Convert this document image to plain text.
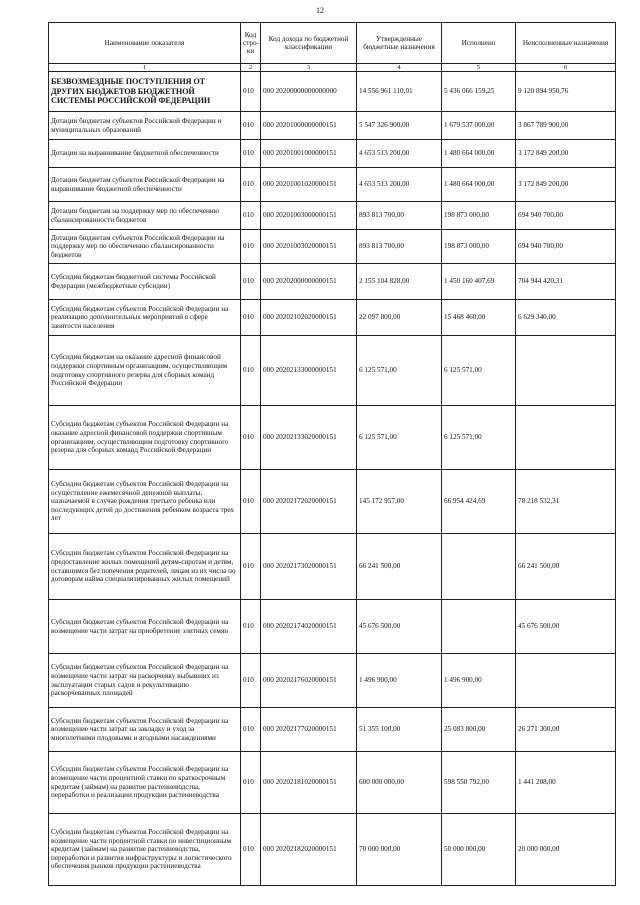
12
Наименование показателя	Код стро- ки	Код дохода по бюджетной классификации	Утвержденные бюджетные назначения	Исполнено	Неисполненные назначения
1	2	3	4	5	6
БЕЗВОЗМЕЗДНЫЕ ПОСТУПЛЕНИЯ ОТ ДРУГИХ БЮДЖЕТОВ БЮДЖЕТНОЙ СИСТЕМЫ РОССИЙСКОЙ ФЕДЕРАЦИИ	010	000 20200000000000000	14 556 961 110,01	5 436 066 159,25	9 120 894 950,76
Дотации бюджетам субъектов Российской Федерации и муниципальных образований	010	000 20201000000000151	5 547 326 900,00	1 679 537 000,00	3 867 789 900,00
Дотации на выравнивание бюджетной обеспеченности	010	000 20201001000000151	4 653 513 200,00	1 480 664 000,00	3 172 849 200,00
Дотации бюджетам субъектов Российской Федерации на выравнивание бюджетной обеспеченности	010	000 20201001020000151	4 653 513 200,00	1 480 664 000,00	3 172 849 200,00
Дотации бюджетам на поддержку мер по обеспечению сбалансированности бюджетов	010	000 20201003000000151	893 813 700,00	198 873 000,00	694 940 700,00
Дотации бюджетам субъектов Российской Федерации на поддержку мер по обеспечению сбалансированности бюджетов	010	000 20201003020000151	893 813 700,00	198 873 000,00	694 940 700,00
Субсидии бюджетам бюджетной системы Российской Федерации (межбюджетные субсидии)	010	000 20202000000000151	2 155 104 828,00	1 450 160 407,69	704 944 420,31
Субсидии бюджетам субъектов Российской Федерации на реализацию дополнительных мероприятий в сфере занятости населения	010	000 20202102020000151	22 097 800,00	15 468 460,00	6 629 340,00
Субсидии бюджетам на оказание адресной финансовой поддержки спортивным организациям, осуществляющим подготовку спортивного резерва для сборных команд Российской Федерации	010	000 20202133000000151	6 125 571,00	6 125 571,00	
Субсидии бюджетам субъектов Российской Федерации на оказание адресной финансовой поддержки спортивным организациям, осуществляющим подготовку спортивного резерва для сборных команд Российской Федерации	010	000 20202133020000151	6 125 571,00	6 125 571,00	
Субсидии бюджетам субъектов Российской Федерации на осуществление ежемесячной денежной выплаты, назначаемой в случае рождения третьего ребенка или последующих детей до достижения ребенком возраста трех лет	010	000 20202172020000151	145 172 957,00	66 954 424,69	78 218 532,31
Субсидии бюджетам субъектов Российской Федерации на предоставление жилых помещений детям-сиротам и детям, оставшимся без попечения родителей, лицам из их числа по договорам найма специализированных жилых помещений	010	000 20202173020000151	66 241 500,00		66 241 500,00
Субсидии бюджетам субъектов Российской Федерации на возмещение части затрат на приобретение элитных семян	010	000 20202174020000151	45 676 500,00		45 676 500,00
Субсидии бюджетам субъектов Российской Федерации на возмещение части затрат на раскорчевку выбывших из эксплуатации старых садов и рекультивацию раскорчеванных площадей	010	000 20202176020000151	1 496 900,00	1 496 900,00	
Субсидии бюджетам субъектов Российской Федерации на возмещение части затрат на закладку и уход за многолетними плодовыми и ягодными насаждениями	010	000 20202177020000151	51 355 100,00	25 083 800,00	26 271 300,00
Субсидии бюджетам субъектов Российской Федерации на возмещение части процентной ставки по краткосрочным кредитам (займам) на развитие растениеводства, переработки и реализации продукции растениеводства	010	000 20202181020000151	600 000 000,00	598 558 792,00	1 441 208,00
Субсидии бюджетам субъектов Российской Федерации на возмещение части процентной ставки по инвестиционным кредитам (займам) на развитие растениеводства, переработки и развития инфраструктуры и логистического обеспечения рынков продукции растениеводства	010	000 20202182020000151	70 000 000,00	50 000 000,00	20 000 000,00
